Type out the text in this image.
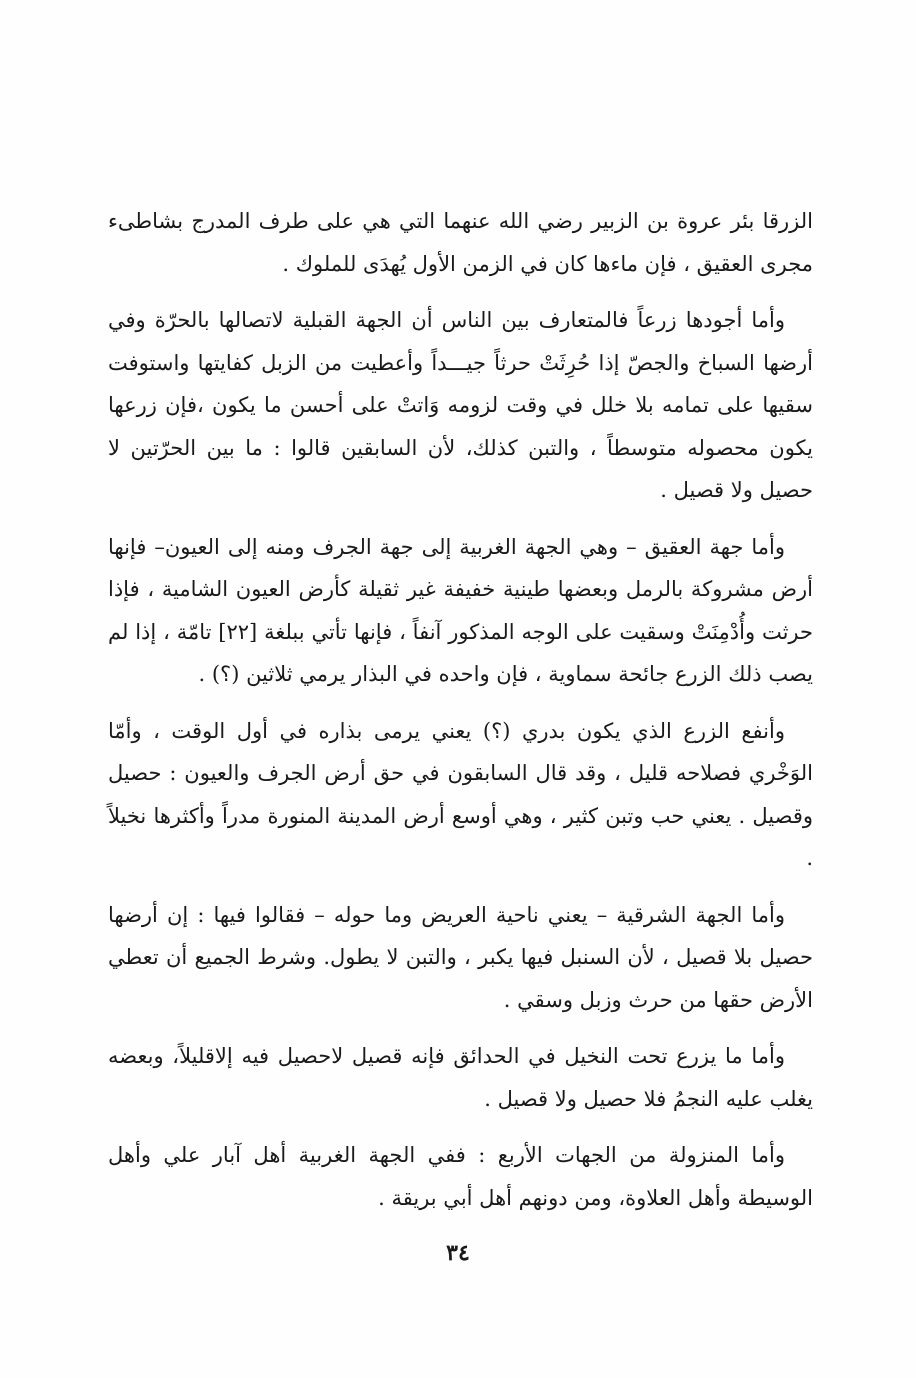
الزرقا بئر عروة بن الزبير رضي الله عنهما التي هي على طرف المدرج بشاطىء مجرى العقيق ، فإن ماءها كان في الزمن الأول يُهدَى للملوك .

وأما أجودها زرعاً فالمتعارف بين الناس أن الجهة القبلية لاتصالها بالحرّة وفي أرضها السباخ والجصّ إذا حُرِثَتْ حرثاً جيـــداً وأعطيت من الزبل كفايتها واستوفت سقيها على تمامه بلا خلل في وقت لزومه وَاتتْ على أحسن ما يكون ،فإن زرعها يكون محصوله متوسطاً ، والتبن كذلك، لأن السابقين قالوا : ما بين الحرّتين لا حصيل ولا قصيل .

وأما جهة العقيق – وهي الجهة الغربية إلى جهة الجرف ومنه إلى العيون– فإنها أرض مشروكة بالرمل وبعضها طينية خفيفة غير ثقيلة كأرض العيون الشامية ، فإذا حرثت وأُدْمِنَتْ وسقيت على الوجه المذكور آنفاً ، فإنها تأتي ببلغة [٢٢] تامّة ، إذا لم يصب ذلك الزرع جائحة سماوية ، فإن واحده في البذار يرمي ثلاثين (؟) .

وأنفع الزرع الذي يكون بدري (؟) يعني يرمى بذاره في أول الوقت ، وأمّا الوَخْري فصلاحه قليل ، وقد قال السابقون في حق أرض الجرف والعيون : حصيل وقصيل . يعني حب وتبن كثير ، وهي أوسع أرض المدينة المنورة مدراً وأكثرها نخيلاً .

وأما الجهة الشرقية – يعني ناحية العريض وما حوله – فقالوا فيها : إن أرضها حصيل بلا قصيل ، لأن السنبل فيها يكبر ، والتبن لا يطول. وشرط الجميع أن تعطي الأرض حقها من حرث وزبل وسقي .

وأما ما يزرع تحت النخيل في الحدائق فإنه قصيل لاحصيل فيه إلاقليلاً، وبعضه يغلب عليه النجمُ فلا حصيل ولا قصيل .

وأما المنزولة من الجهات الأربع : ففي الجهة الغربية أهل آبار علي وأهل الوسيطة وأهل العلاوة، ومن دونهم أهل أبي بريقة .

٣٤
